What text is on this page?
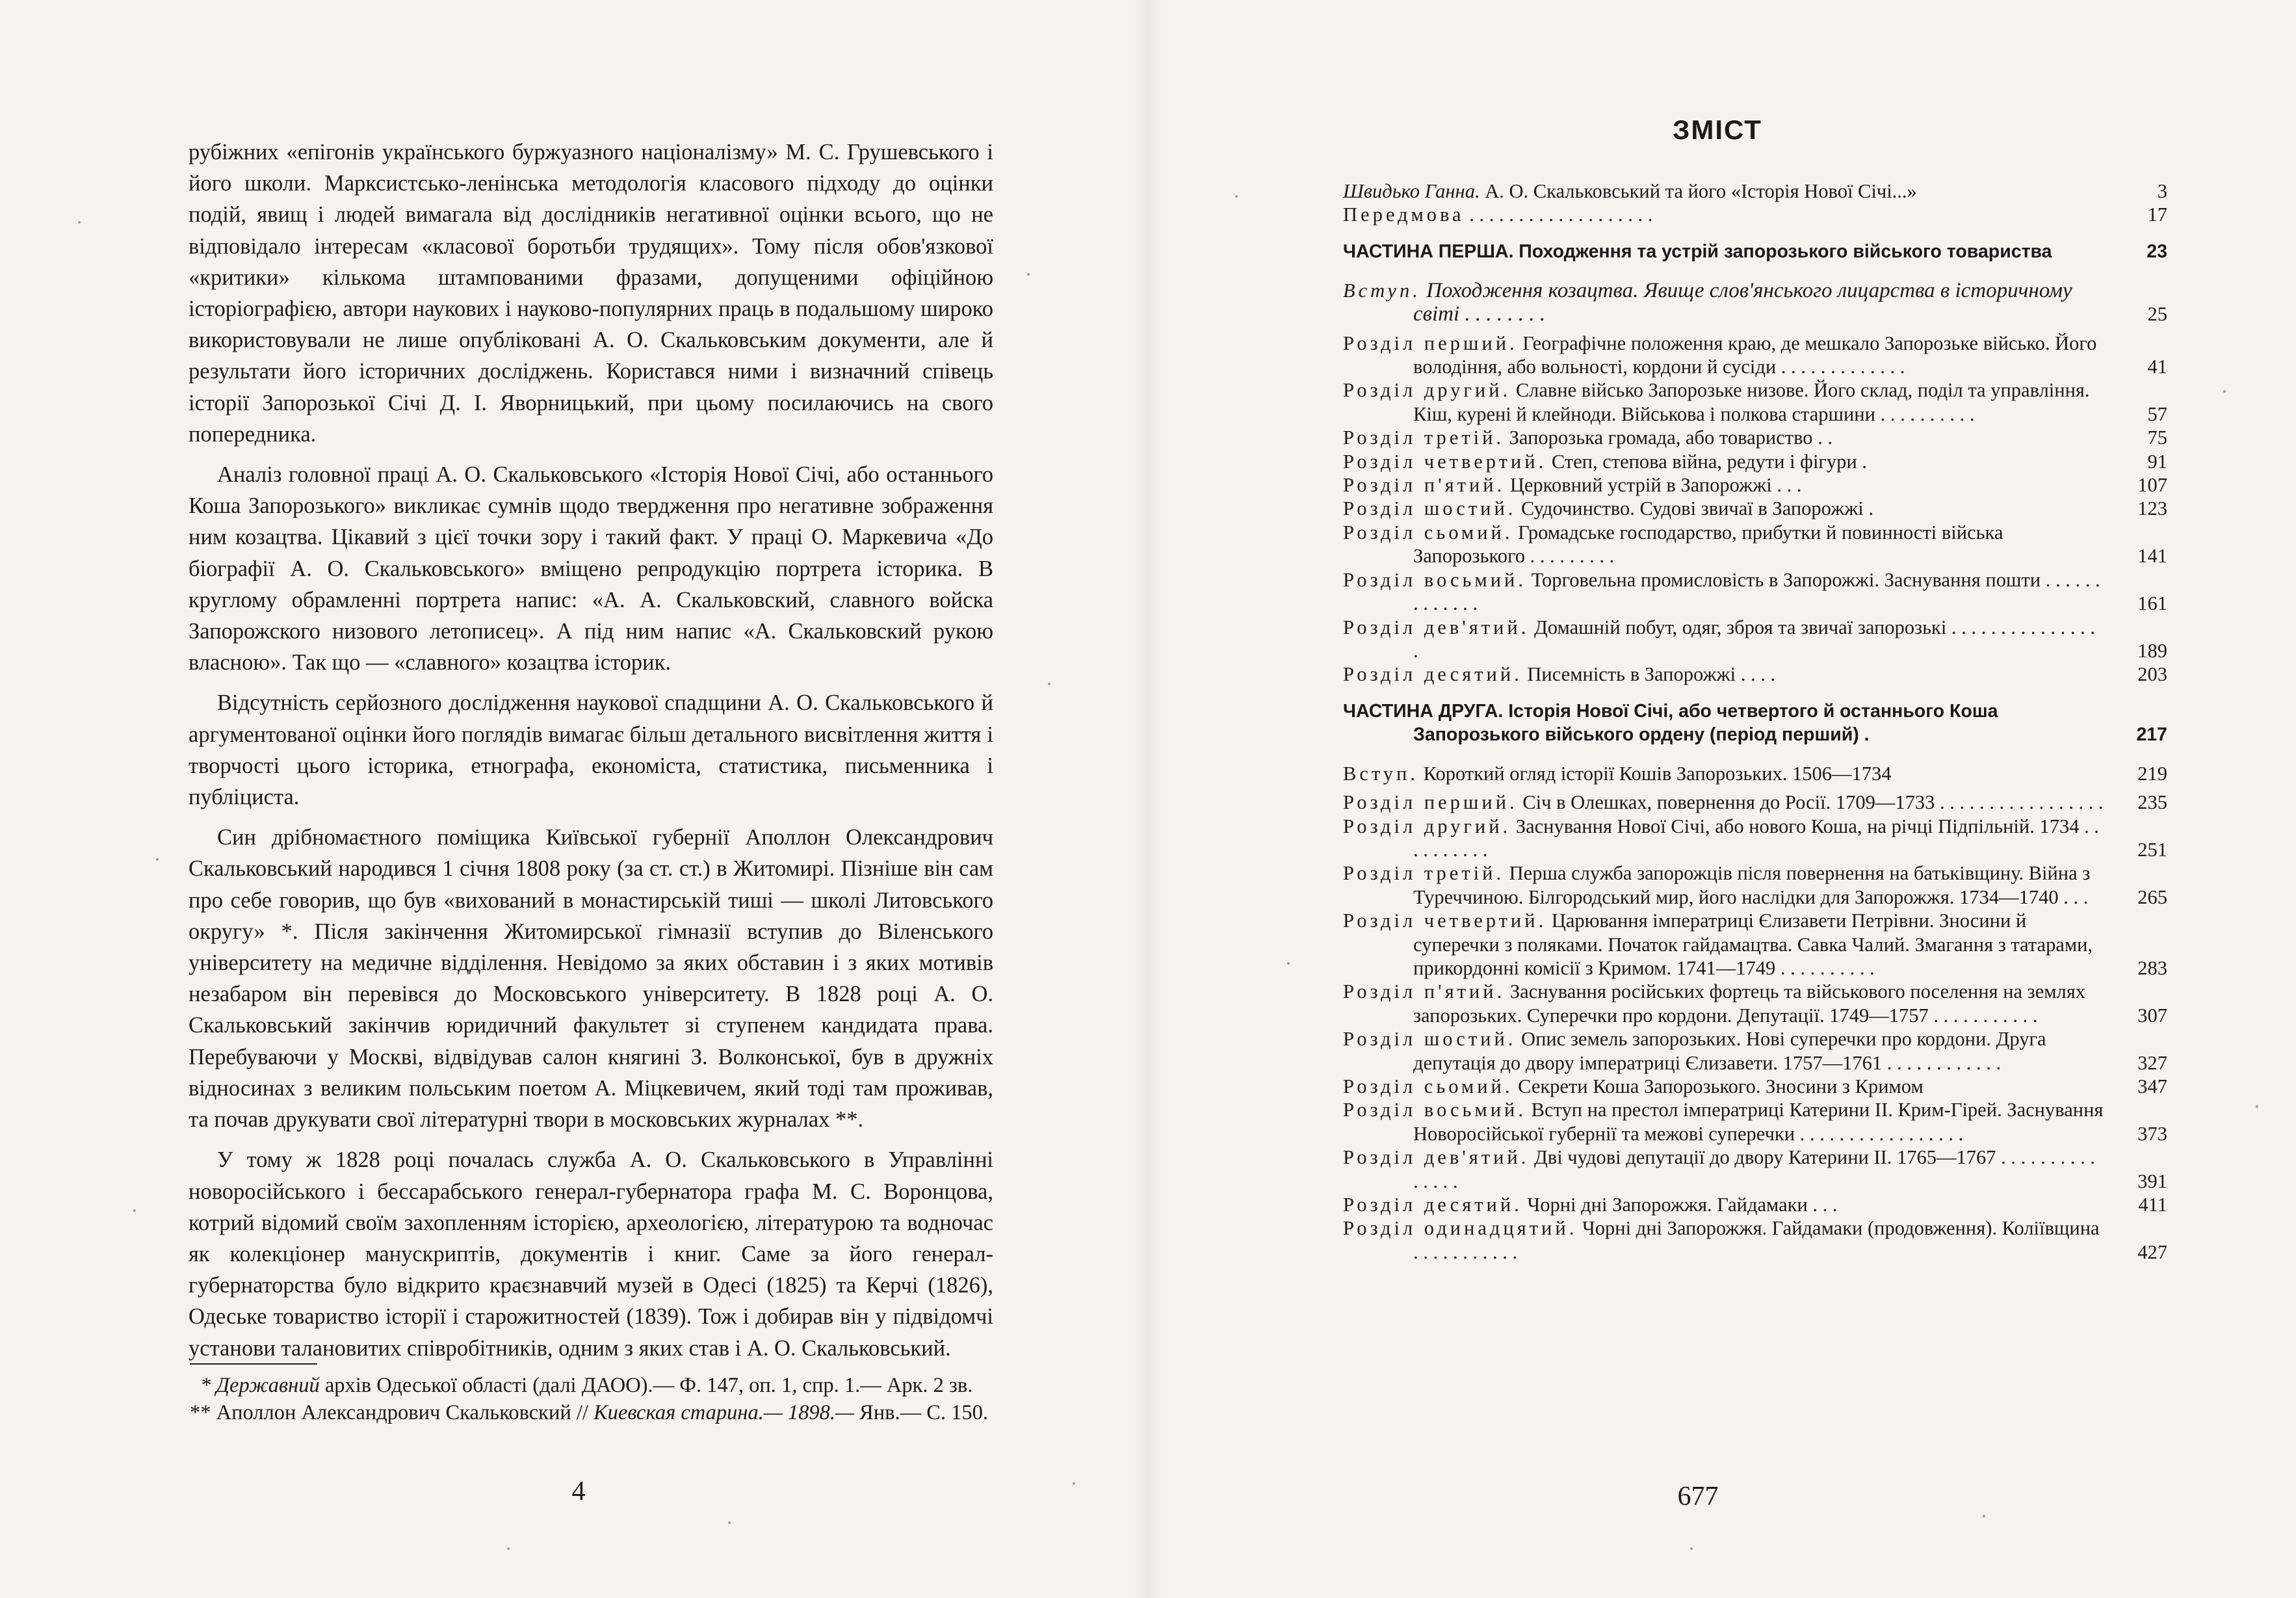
рубіжних «епігонів українського буржуазного націоналізму» М. С. Грушевського і його школи. Марксистсько-ленінська методологія класового підходу до оцінки подій, явищ і людей вимагала від дослідників негативної оцінки всього, що не відповідало інтересам «класової боротьби трудящих». Тому після обов'язкової «критики» кількома штампованими фразами, допущеними офіційною історіографією, автори наукових і науково-популярних праць в подальшому широко використовували не лише опубліковані А. О. Скальковським документи, але й результати його історичних досліджень. Користався ними і визначний співець історії Запорозької Січі Д. І. Яворницький, при цьому посилаючись на свого попередника.

Аналіз головної праці А. О. Скальковського «Історія Нової Січі, або останнього Коша Запорозького» викликає сумнів щодо твердження про негативне зображення ним козацтва. Цікавий з цієї точки зору і такий факт. У праці О. Маркевича «До біографії А. О. Скальковського» вміщено репродукцію портрета історика. В круглому обрамленні портрета напис: «А. А. Скальковский, славного войска Запорожского низового летописец». А під ним напис «А. Скальковский рукою власною». Так що — «славного» козацтва історик.

Відсутність серйозного дослідження наукової спадщини А. О. Скальковського й аргументованої оцінки його поглядів вимагає більш детального висвітлення життя і творчості цього історика, етнографа, економіста, статистика, письменника і публіциста.

Син дрібномаєтного поміщика Київської губернії Аполлон Олександрович Скальковський народився 1 січня 1808 року (за ст. ст.) в Житомирі. Пізніше він сам про себе говорив, що був «вихований в монастирській тиші — школі Литовського округу» *. Після закінчення Житомирської гімназії вступив до Віленського університету на медичне відділення. Невідомо за яких обставин і з яких мотивів незабаром він перевівся до Московського університету. В 1828 році А. О. Скальковський закінчив юридичний факультет зі ступенем кандидата права. Перебуваючи у Москві, відвідував салон княгині З. Волконської, був в дружніх відносинах з великим польським поетом А. Міцкевичем, який тоді там проживав, та почав друкувати свої літературні твори в московських журналах **.

У тому ж 1828 році почалась служба А. О. Скальковського в Управлінні новоросійського і бессарабського генерал-губернатора графа М. С. Воронцова, котрий відомий своїм захопленням історією, археологією, літературою та водночас як колекціонер манускриптів, документів і книг. Саме за його генерал-губернаторства було відкрито краєзнавчий музей в Одесі (1825) та Керчі (1826), Одеське товариство історії і старожитностей (1839). Тож і добирав він у підвідомчі установи талановитих співробітників, одним з яких став і А. О. Скальковський.

* Державний архів Одеської області (далі ДАОО).— Ф. 147, оп. 1, спр. 1.— Арк. 2 зв.
** Аполлон Александрович Скальковский // Киевская старина.— 1898.— Янв.— С. 150.
4
ЗМІСТ
Швидько Ганна. А. О. Скальковський та його «Історія Нової Січі...»	3
Передмова . . . . . . . . . . . . . . . . . . .	17
ЧАСТИНА ПЕРША. Походження та устрій запорозького війського товариства	23
Вступ. Походження козацтва. Явище слов'янського лицарства в історичному світі . . . . . . . .	25
Розділ перший. Географічне положення краю, де мешкало Запорозьке військо. Його володіння, або вольності, кордони й сусіди . . . . . . . . . . . . .	41
Розділ другий. Славне військо Запорозьке низове. Його склад, поділ та управління. Кіш, курені й клейноди. Військова і полкова старшини . . . . . . . . . .	57
Розділ третій. Запорозька громада, або товариство . .	75
Розділ четвертий. Степ, степова війна, редути і фігури .	91
Розділ п'ятий. Церковний устрій в Запорожжі . . .	107
Розділ шостий. Судочинство. Судові звичаї в Запорожжі .	123
Розділ сьомий. Громадське господарство, прибутки й повинності війська Запорозького . . . . . . . . .	141
Розділ восьмий. Торговельна промисловість в Запорожжі. Заснування пошти . . . . . . . . . . . . .	161
Розділ дев'ятий. Домашній побут, одяг, зброя та звичаї запорозькі . . . . . . . . . . . . . . . .	189
Розділ десятий. Писемність в Запорожжі . . . .	203
ЧАСТИНА ДРУГА. Історія Нової Січі, або четвертого й останнього Коша Запорозького війського ордену (період перший) .	217
Вступ. Короткий огляд історії Кошів Запорозьких. 1506—1734	219
Розділ перший. Січ в Олешках, повернення до Росії. 1709—1733 . . . . . . . . . . . . . . . . .	235
Розділ другий. Заснування Нової Січі, або нового Коша, на річці Підпільній. 1734 . . . . . . . . . .	251
Розділ третій. Перша служба запорожців після повернення на батьківщину. Війна з Туреччиною. Білгородський мир, його наслідки для Запорожжя. 1734—1740 . . .	265
Розділ четвертий. Царювання імператриці Єлизавети Петрівни. Зносини й суперечки з поляками. Початок гайдамацтва. Савка Чалий. Змагання з татарами, прикордонні комісії з Кримом. 1741—1749 . . . . . . . . . .	283
Розділ п'ятий. Заснування російських фортець та військового поселення на землях запорозьких. Суперечки про кордони. Депутації. 1749—1757 . . . . . . . . . . .	307
Розділ шостий. Опис земель запорозьких. Нові суперечки про кордони. Друга депутація до двору імператриці Єлизавети. 1757—1761 . . . . . . . . . . . .	327
Розділ сьомий. Секрети Коша Запорозького. Зносини з Кримом	347
Розділ восьмий. Вступ на престол імператриці Катерини II. Крим-Гірей. Заснування Новоросійської губернії та межові суперечки . . . . . . . . . . . . . . . . .	373
Розділ дев'ятий. Дві чудові депутації до двору Катерини II. 1765—1767 . . . . . . . . . . . . . . .	391
Розділ десятий. Чорні дні Запорожжя. Гайдамаки . . .	411
Розділ одинадцятий. Чорні дні Запорожжя. Гайдамаки (продовження). Коліївщина . . . . . . . . . . .	427
677
